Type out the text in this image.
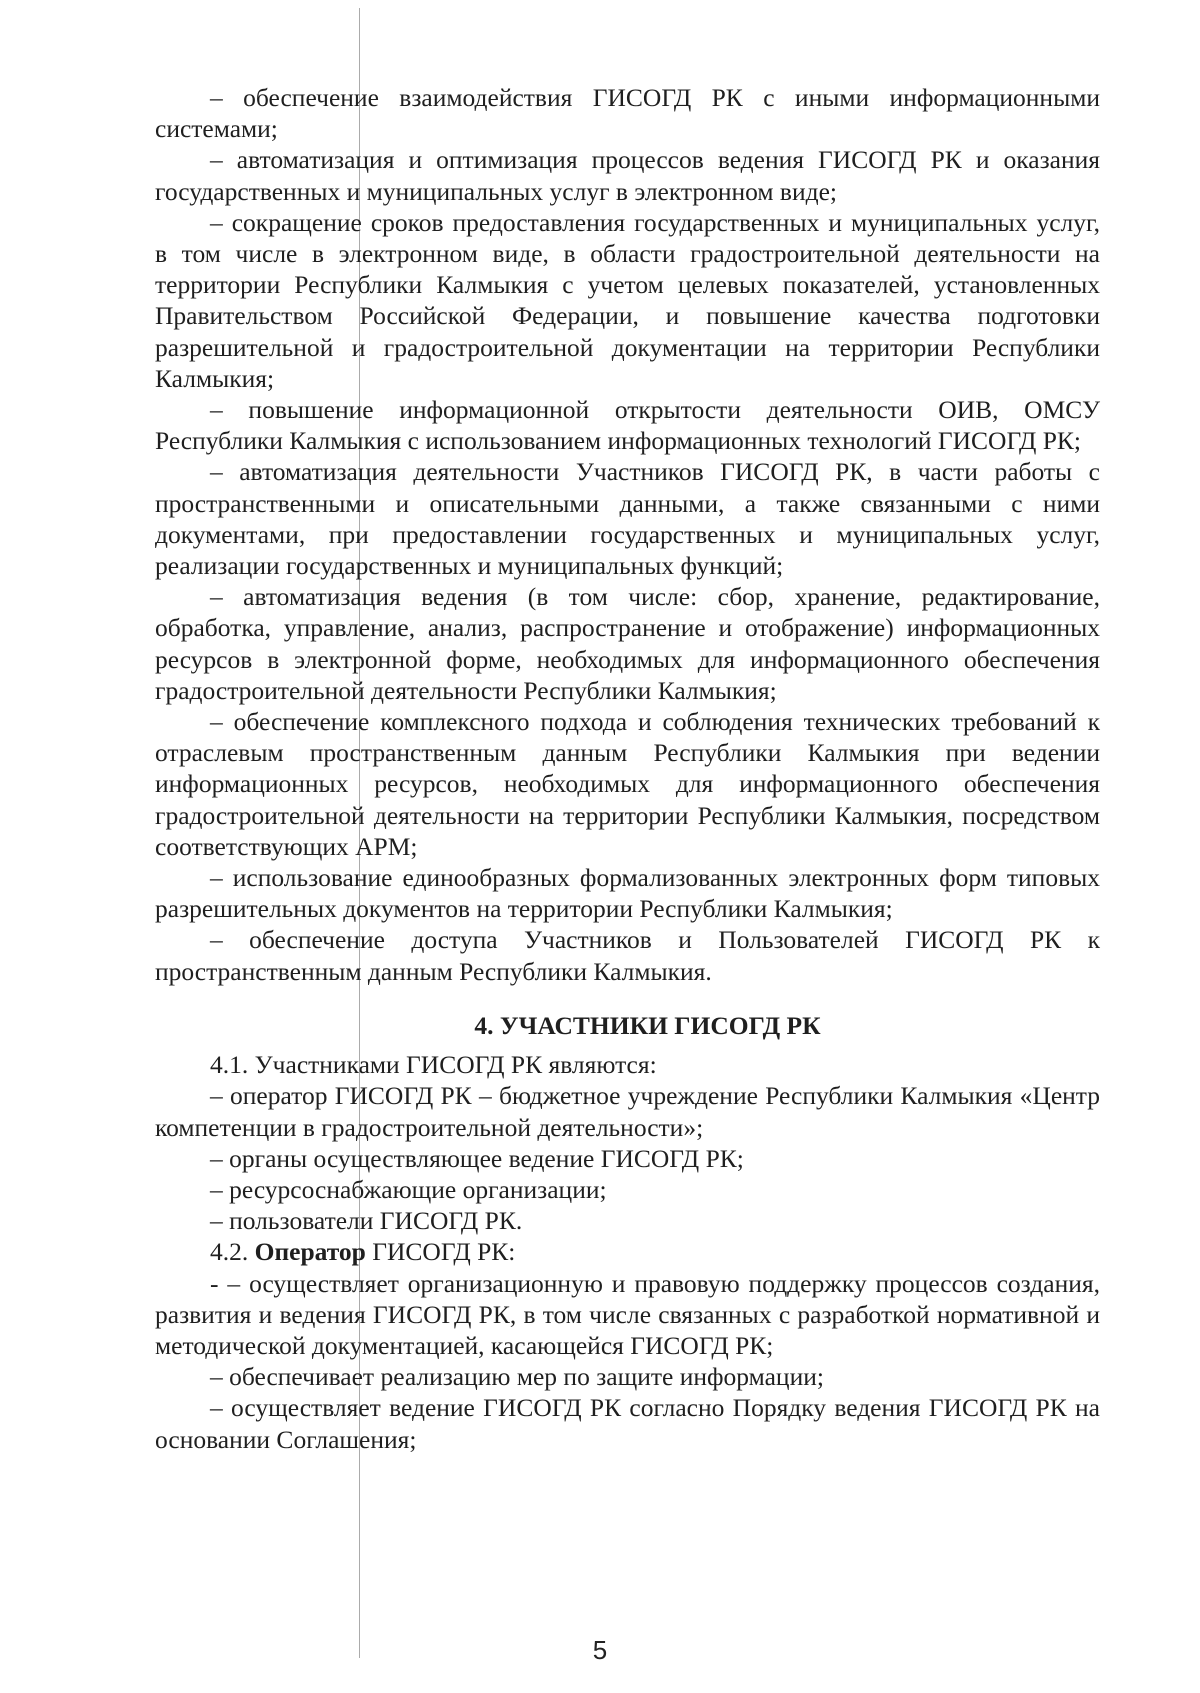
– обеспечение взаимодействия ГИСОГД РК с иными информационными системами;

– автоматизация и оптимизация процессов ведения ГИСОГД РК и оказания государственных и муниципальных услуг в электронном виде;

– сокращение сроков предоставления государственных и муниципальных услуг, в том числе в электронном виде, в области градостроительной деятельности на территории Республики Калмыкия с учетом целевых показателей, установленных Правительством Российской Федерации, и повышение качества подготовки разрешительной и градостроительной документации на территории Республики Калмыкия;

– повышение информационной открытости деятельности ОИВ, ОМСУ Республики Калмыкия с использованием информационных технологий ГИСОГД РК;

– автоматизация деятельности Участников ГИСОГД РК, в части работы с пространственными и описательными данными, а также связанными с ними документами, при предоставлении государственных и муниципальных услуг, реализации государственных и муниципальных функций;

– автоматизация ведения (в том числе: сбор, хранение, редактирование, обработка, управление, анализ, распространение и отображение) информационных ресурсов в электронной форме, необходимых для информационного обеспечения градостроительной деятельности Республики Калмыкия;

– обеспечение комплексного подхода и соблюдения технических требований к отраслевым пространственным данным Республики Калмыкия при ведении информационных ресурсов, необходимых для информационного обеспечения градостроительной деятельности на территории Республики Калмыкия, посредством соответствующих АРМ;

– использование единообразных формализованных электронных форм типовых разрешительных документов на территории Республики Калмыкия;

– обеспечение доступа Участников и Пользователей ГИСОГД РК к пространственным данным Республики Калмыкия.

4. УЧАСТНИКИ ГИСОГД РК

4.1. Участниками ГИСОГД РК являются:

– оператор ГИСОГД РК – бюджетное учреждение Республики Калмыкия «Центр компетенции в градостроительной деятельности»;

– органы осуществляющее ведение ГИСОГД РК;

– ресурсоснабжающие организации;

– пользователи ГИСОГД РК.

4.2. Оператор ГИСОГД РК:

- – осуществляет организационную и правовую поддержку процессов создания, развития и ведения ГИСОГД РК, в том числе связанных с разработкой нормативной и методической документацией, касающейся ГИСОГД РК;

– обеспечивает реализацию мер по защите информации;

– осуществляет ведение ГИСОГД РК согласно Порядку ведения ГИСОГД РК на основании Соглашения;

5
